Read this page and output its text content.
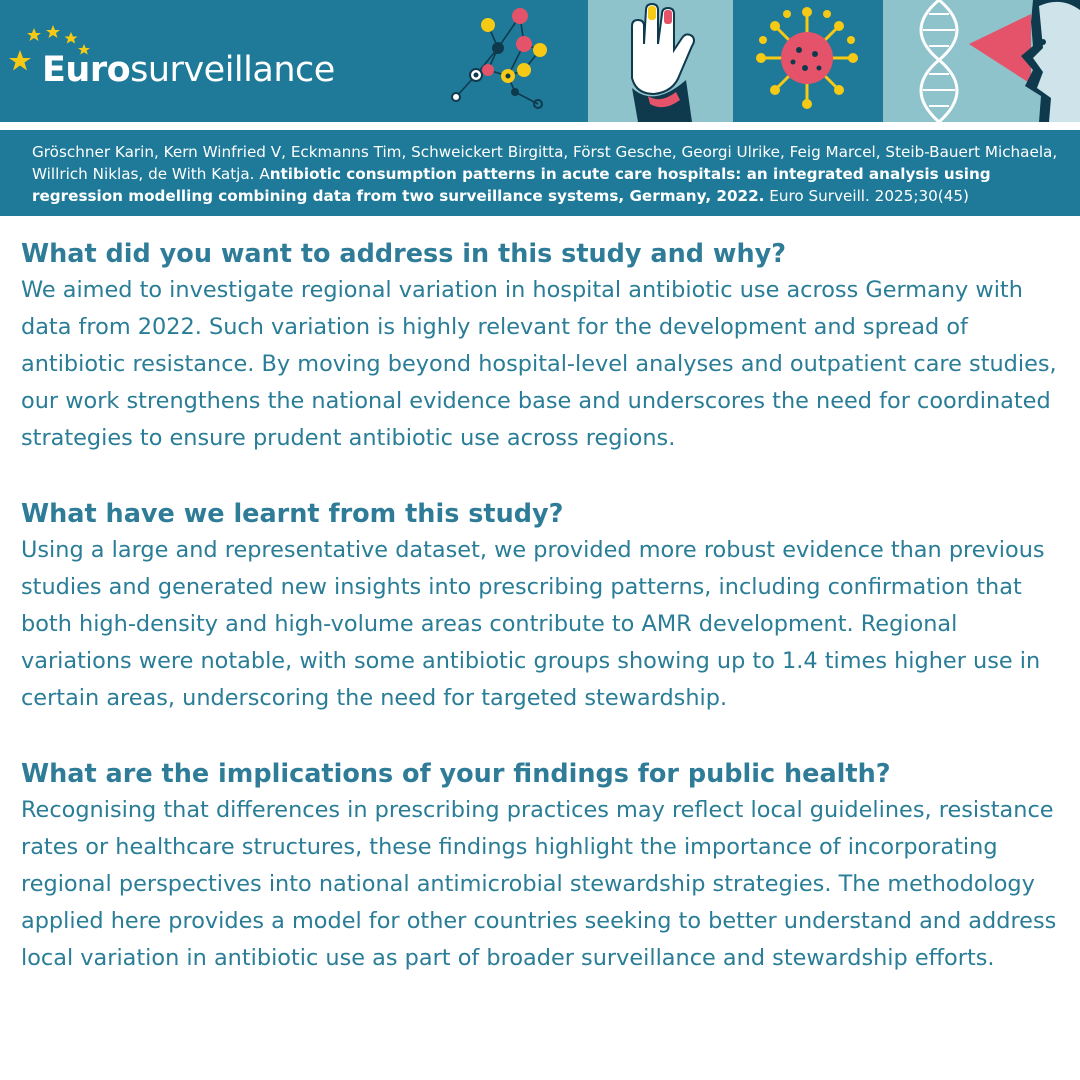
Eurosurveillance
Gröschner Karin, Kern Winfried V, Eckmanns Tim, Schweickert Birgitta, Först Gesche, Georgi Ulrike, Feig Marcel, Steib-Bauert Michaela, Willrich Niklas, de With Katja. Antibiotic consumption patterns in acute care hospitals: an integrated analysis using regression modelling combining data from two surveillance systems, Germany, 2022. Euro Surveill. 2025;30(45)
What did you want to address in this study and why?

We aimed to investigate regional variation in hospital antibiotic use across Germany with data from 2022. Such variation is highly relevant for the development and spread of antibiotic resistance. By moving beyond hospital-level analyses and outpatient care studies, our work strengthens the national evidence base and underscores the need for coordinated strategies to ensure prudent antibiotic use across regions.

What have we learnt from this study?

Using a large and representative dataset, we provided more robust evidence than previous studies and generated new insights into prescribing patterns, including confirmation that both high-density and high-volume areas contribute to AMR development. Regional variations were notable, with some antibiotic groups showing up to 1.4 times higher use in certain areas, underscoring the need for targeted stewardship.

What are the implications of your findings for public health?

Recognising that differences in prescribing practices may reflect local guidelines, resistance rates or healthcare structures, these findings highlight the importance of incorporating regional perspectives into national antimicrobial stewardship strategies. The methodology applied here provides a model for other countries seeking to better understand and address local variation in antibiotic use as part of broader surveillance and stewardship efforts.
